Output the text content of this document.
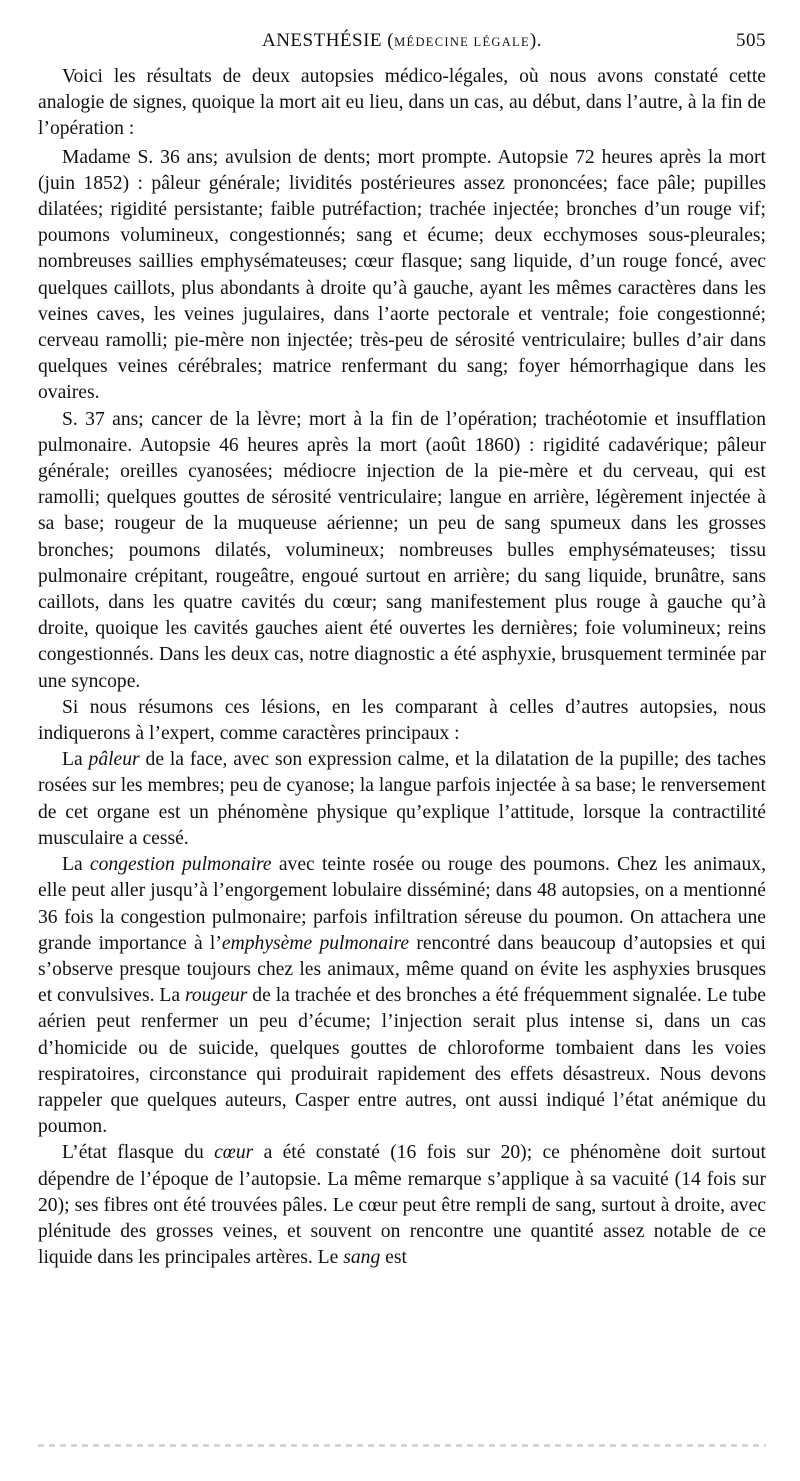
ANESTHÉSIE (MÉDECINE LÉGALE).	505

Voici les résultats de deux autopsies médico-légales, où nous avons constaté cette analogie de signes, quoique la mort ait eu lieu, dans un cas, au début, dans l’autre, à la fin de l’opération :

Madame S. 36 ans; avulsion de dents; mort prompte. Autopsie 72 heures après la mort (juin 1852) : pâleur générale; lividités postérieures assez prononcées; face pâle; pupilles dilatées; rigidité persistante; faible putréfaction; trachée injectée; bronches d’un rouge vif; poumons volumineux, congestionnés; sang et écume; deux ecchymoses sous-pleurales; nombreuses saillies emphysémateuses; cœur flasque; sang liquide, d’un rouge foncé, avec quelques caillots, plus abondants à droite qu’à gauche, ayant les mêmes caractères dans les veines caves, les veines jugulaires, dans l’aorte pectorale et ventrale; foie congestionné; cerveau ramolli; pie-mère non injectée; très-peu de sérosité ventriculaire; bulles d’air dans quelques veines cérébrales; matrice renfermant du sang; foyer hémorrhagique dans les ovaires.

S. 37 ans; cancer de la lèvre; mort à la fin de l’opération; trachéotomie et insufflation pulmonaire. Autopsie 46 heures après la mort (août 1860) : rigidité cadavérique; pâleur générale; oreilles cyanosées; médiocre injection de la pie-mère et du cerveau, qui est ramolli; quelques gouttes de sérosité ventriculaire; langue en arrière, légèrement injectée à sa base; rougeur de la muqueuse aérienne; un peu de sang spumeux dans les grosses bronches; poumons dilatés, volumineux; nombreuses bulles emphysémateuses; tissu pulmonaire crépitant, rougeâtre, engoué surtout en arrière; du sang liquide, brunâtre, sans caillots, dans les quatre cavités du cœur; sang manifestement plus rouge à gauche qu’à droite, quoique les cavités gauches aient été ouvertes les dernières; foie volumineux; reins congestionnés. Dans les deux cas, notre diagnostic a été asphyxie, brusquement terminée par une syncope.

Si nous résumons ces lésions, en les comparant à celles d’autres autopsies, nous indiquerons à l’expert, comme caractères principaux :

La pâleur de la face, avec son expression calme, et la dilatation de la pupille; des taches rosées sur les membres; peu de cyanose; la langue parfois injectée à sa base; le renversement de cet organe est un phénomène physique qu’explique l’attitude, lorsque la contractilité musculaire a cessé.

La congestion pulmonaire avec teinte rosée ou rouge des poumons. Chez les animaux, elle peut aller jusqu’à l’engorgement lobulaire disséminé; dans 48 autopsies, on a mentionné 36 fois la congestion pulmonaire; parfois infiltration séreuse du poumon. On attachera une grande importance à l’emphysème pulmonaire rencontré dans beaucoup d’autopsies et qui s’observe presque toujours chez les animaux, même quand on évite les asphyxies brusques et convulsives. La rougeur de la trachée et des bronches a été fréquemment signalée. Le tube aérien peut renfermer un peu d’écume; l’injection serait plus intense si, dans un cas d’homicide ou de suicide, quelques gouttes de chloroforme tombaient dans les voies respiratoires, circonstance qui produirait rapidement des effets désastreux. Nous devons rappeler que quelques auteurs, Casper entre autres, ont aussi indiqué l’état anémique du poumon.

L’état flasque du cœur a été constaté (16 fois sur 20); ce phénomène doit surtout dépendre de l’époque de l’autopsie. La même remarque s’applique à sa vacuité (14 fois sur 20); ses fibres ont été trouvées pâles. Le cœur peut être rempli de sang, surtout à droite, avec plénitude des grosses veines, et souvent on rencontre une quantité assez notable de ce liquide dans les principales artères. Le sang est
